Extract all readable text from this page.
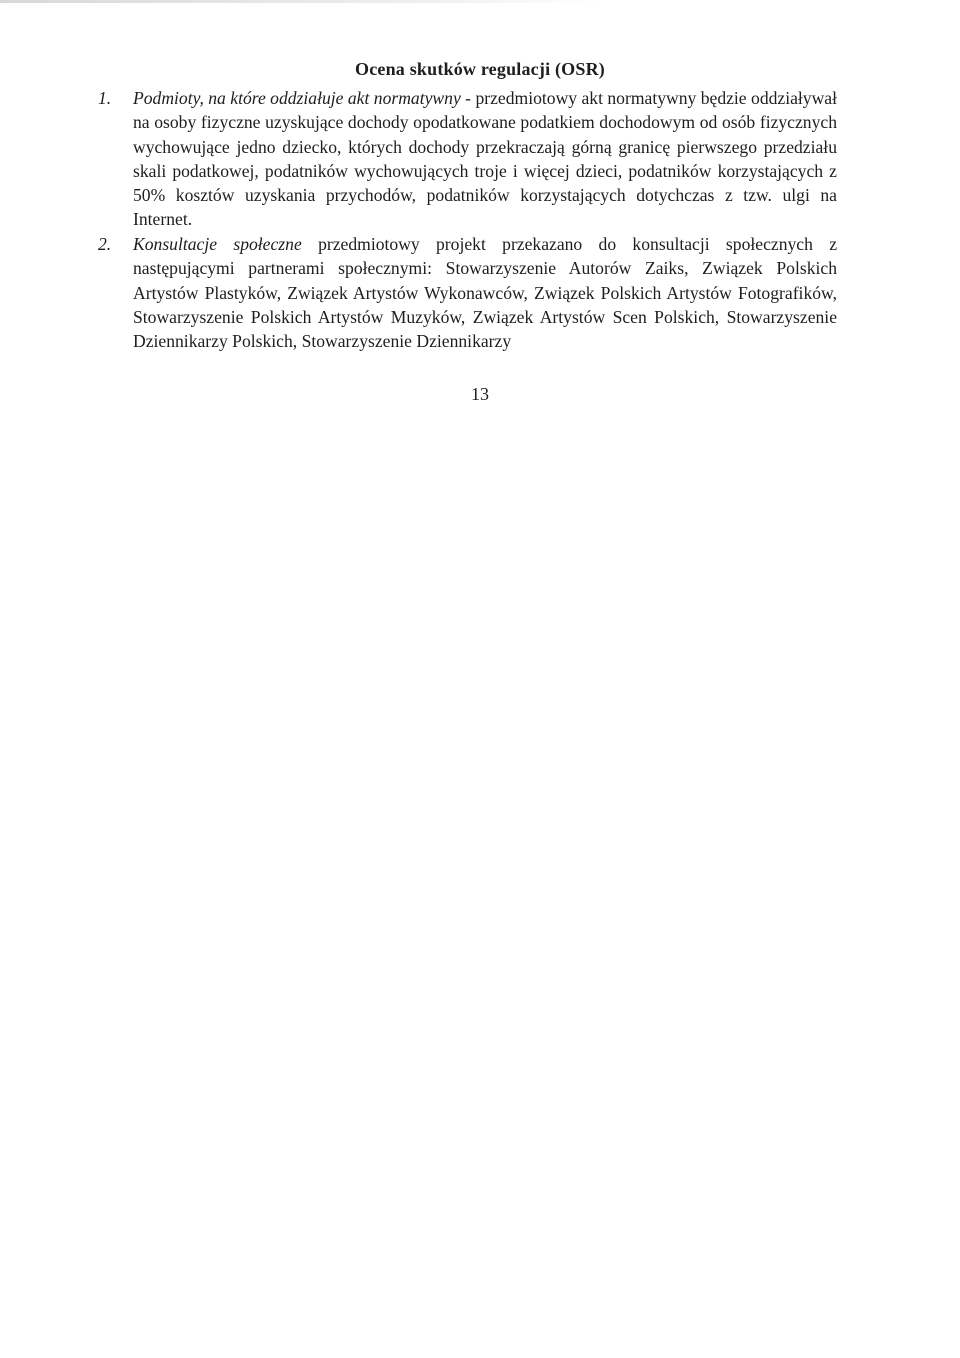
Ocena skutków regulacji (OSR)

1.	Podmioty, na które oddziałuje akt normatywny - przedmiotowy akt normatywny będzie oddziaływał na osoby fizyczne uzyskujące dochody opodatkowane podatkiem dochodowym od osób fizycznych wychowujące jedno dziecko, których dochody przekraczają górną granicę pierwszego przedziału skali podatkowej, podatników wychowujących troje i więcej dzieci, podatników korzystających z 50% kosztów uzyskania przychodów, podatników korzystających dotychczas z tzw. ulgi na Internet.

2.	Konsultacje społeczne przedmiotowy projekt przekazano do konsultacji społecznych z następującymi partnerami społecznymi: Stowarzyszenie Autorów Zaiks, Związek Polskich Artystów Plastyków, Związek Artystów Wykonawców, Związek Polskich Artystów Fotografików, Stowarzyszenie Polskich Artystów Muzyków, Związek Artystów Scen Polskich, Stowarzyszenie Dziennikarzy Polskich, Stowarzyszenie Dziennikarzy

13
